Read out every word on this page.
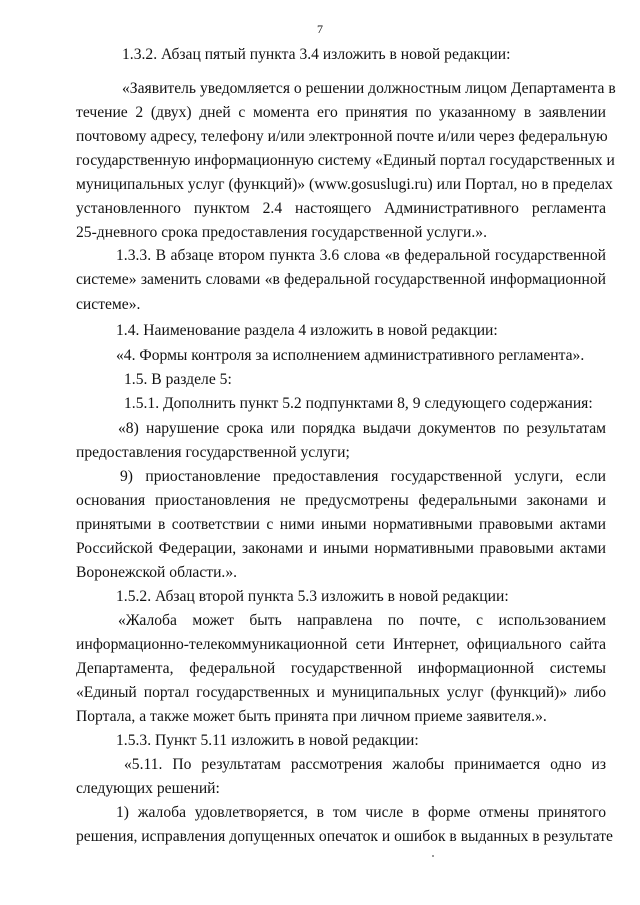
7
1.3.2. Абзац пятый пункта 3.4 изложить в новой редакции:
«Заявитель уведомляется о решении должностным лицом Департамента в
течение 2 (двух) дней с момента его принятия по указанному в заявлении
почтовому адресу, телефону и/или электронной почте и/или через федеральную
государственную информационную систему «Единый портал государственных и
муниципальных услуг (функций)» (www.gosuslugi.ru) или Портал, но в пределах
установленного пунктом 2.4 настоящего Административного регламента
25-дневного срока предоставления государственной услуги.».
1.3.3. В абзаце втором пункта 3.6 слова «в федеральной государственной
системе» заменить словами «в федеральной государственной информационной
системе».
1.4. Наименование раздела 4 изложить в новой редакции:
«4. Формы контроля за исполнением административного регламента».
1.5. В разделе 5:
1.5.1. Дополнить пункт 5.2 подпунктами 8, 9 следующего содержания:
«8) нарушение срока или порядка выдачи документов по результатам
предоставления государственной услуги;
9) приостановление предоставления государственной услуги, если
основания приостановления не предусмотрены федеральными законами и
принятыми в соответствии с ними иными нормативными правовыми актами
Российской Федерации, законами и иными нормативными правовыми актами
Воронежской области.».
1.5.2. Абзац второй пункта 5.3 изложить в новой редакции:
«Жалоба может быть направлена по почте, с использованием
информационно-телекоммуникационной сети Интернет, официального сайта
Департамента, федеральной государственной информационной системы
«Единый портал государственных и муниципальных услуг (функций)» либо
Портала, а также может быть принята при личном приеме заявителя.».
1.5.3. Пункт 5.11 изложить в новой редакции:
«5.11. По результатам рассмотрения жалобы принимается одно из
следующих решений:
1) жалоба удовлетворяется, в том числе в форме отмены принятого
решения, исправления допущенных опечаток и ошибок в выданных в результате
